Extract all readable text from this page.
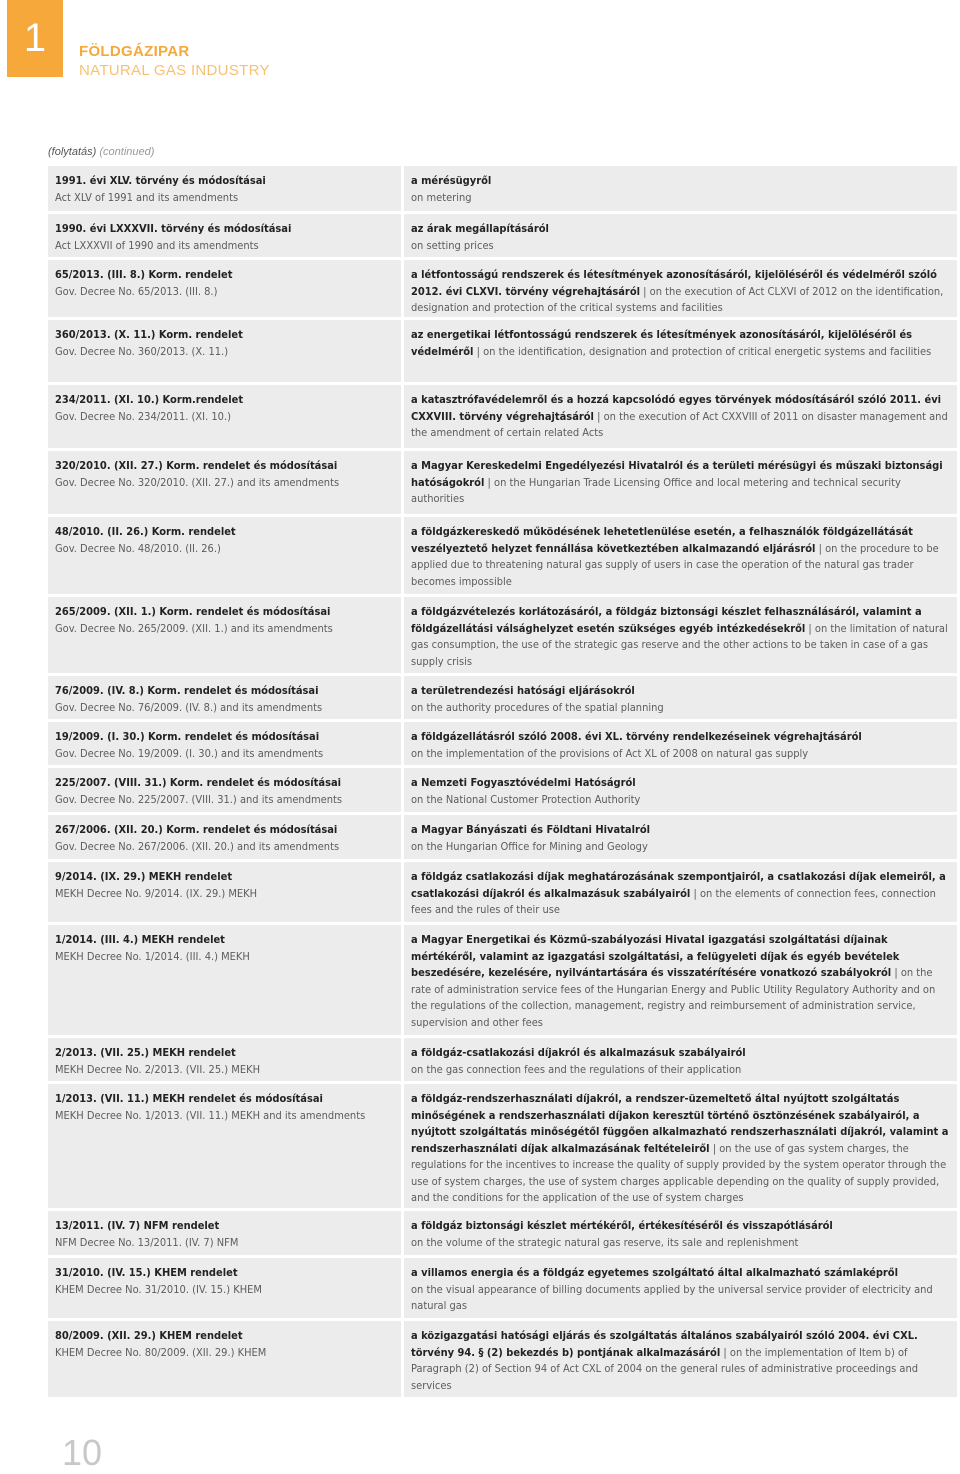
1	FÖLDGÁZIPAR
NATURAL GAS INDUSTRY
(folytatás) (continued)
1991. évi XLV. törvény és módosításai
Act XLV of 1991 and its amendments
a mérésügyről
on metering
1990. évi LXXXVII. törvény és módosításai
Act LXXXVII of 1990 and its amendments
az árak megállapításáról
on setting prices
65/2013. (III. 8.) Korm. rendelet
Gov. Decree No. 65/2013. (III. 8.)
a létfontosságú rendszerek és létesítmények azonosításáról, kijelöléséről és védelméről szóló 2012. évi CLXVI. törvény végrehajtásáról | on the execution of Act CLXVI of 2012 on the identification, designation and protection of the critical systems and facilities
360/2013. (X. 11.) Korm. rendelet
Gov. Decree No. 360/2013. (X. 11.)
az energetikai létfontosságú rendszerek és létesítmények azonosításáról, kijelöléséről és védelméről | on the identification, designation and protection of critical energetic systems and facilities
234/2011. (XI. 10.) Korm.rendelet
Gov. Decree No. 234/2011. (XI. 10.)
a katasztrófavédelemről és a hozzá kapcsolódó egyes törvények módosításáról szóló 2011. évi CXXVIII. törvény végrehajtásáról | on the execution of Act CXXVIII of 2011 on disaster management and the amendment of certain related Acts
320/2010. (XII. 27.) Korm. rendelet és módosításai
Gov. Decree No. 320/2010. (XII. 27.) and its amendments
a Magyar Kereskedelmi Engedélyezési Hivatalról és a területi mérésügyi és műszaki biztonsági hatóságokról | on the Hungarian Trade Licensing Office and local metering and technical security authorities
48/2010. (II. 26.) Korm. rendelet
Gov. Decree No. 48/2010. (II. 26.)
a földgázkereskedő működésének lehetetlenülése esetén, a felhasználók földgázellátását veszélyeztető helyzet fennállása következtében alkalmazandó eljárásról | on the procedure to be applied due to threatening natural gas supply of users in case the operation of the natural gas trader becomes impossible
265/2009. (XII. 1.) Korm. rendelet és módosításai
Gov. Decree No. 265/2009. (XII. 1.) and its amendments
a földgázvételezés korlátozásáról, a földgáz biztonsági készlet felhasználásáról, valamint a földgázellátási válsághelyzet esetén szükséges egyéb intézkedésekről | on the limitation of natural gas consumption, the use of the strategic gas reserve and the other actions to be taken in case of a gas supply crisis
76/2009. (IV. 8.) Korm. rendelet és módosításai
Gov. Decree No. 76/2009. (IV. 8.) and its amendments
a területrendezési hatósági eljárásokról
on the authority procedures of the spatial planning
19/2009. (I. 30.) Korm. rendelet és módosításai
Gov. Decree No. 19/2009. (I. 30.) and its amendments
a földgázellátásról szóló 2008. évi XL. törvény rendelkezéseinek végrehajtásáról
on the implementation of the provisions of Act XL of 2008 on natural gas supply
225/2007. (VIII. 31.) Korm. rendelet és módosításai
Gov. Decree No. 225/2007. (VIII. 31.) and its amendments
a Nemzeti Fogyasztóvédelmi Hatóságról
on the National Customer Protection Authority
267/2006. (XII. 20.) Korm. rendelet és módosításai
Gov. Decree No. 267/2006. (XII. 20.) and its amendments
a Magyar Bányászati és Földtani Hivatalról
on the Hungarian Office for Mining and Geology
9/2014. (IX. 29.) MEKH rendelet
MEKH Decree No. 9/2014. (IX. 29.) MEKH
a földgáz csatlakozási díjak meghatározásának szempontjairól, a csatlakozási díjak elemeiről, a csatlakozási díjakról és alkalmazásuk szabályairól | on the elements of connection fees, connection fees and the rules of their use
1/2014. (III. 4.) MEKH rendelet
MEKH Decree No. 1/2014. (III. 4.) MEKH
a Magyar Energetikai és Közmű-szabályozási Hivatal igazgatási szolgáltatási díjainak mértékéről, valamint az igazgatási szolgáltatási, a felügyeleti díjak és egyéb bevételek beszedésére, kezelésére, nyilvántartására és visszatérítésére vonatkozó szabályokról | on the rate of administration service fees of the Hungarian Energy and Public Utility Regulatory Authority and on the regulations of the collection, management, registry and reimbursement of administration service, supervision and other fees
2/2013. (VII. 25.) MEKH rendelet
MEKH Decree No. 2/2013. (VII. 25.) MEKH
a földgáz-csatlakozási díjakról és alkalmazásuk szabályairól
on the gas connection fees and the regulations of their application
1/2013. (VII. 11.) MEKH rendelet és módosításai
MEKH Decree No. 1/2013. (VII. 11.) MEKH and its amendments
a földgáz-rendszerhasználati díjakról, a rendszer-üzemeltető által nyújtott szolgáltatás minőségének a rendszerhasználati díjakon keresztül történő ösztönzésének szabályairól, a nyújtott szolgáltatás minőségétől függően alkalmazható rendszerhasználati díjakról, valamint a rendszerhasználati díjak alkalmazásának feltételeiről | on the use of gas system charges, the regulations for the incentives to increase the quality of supply provided by the system operator through the use of system charges, the use of system charges applicable depending on the quality of supply provided, and the conditions for the application of the use of system charges
13/2011. (IV. 7) NFM rendelet
NFM Decree No. 13/2011. (IV. 7) NFM
a földgáz biztonsági készlet mértékéről, értékesítéséről és visszapótlásáról
on the volume of the strategic natural gas reserve, its sale and replenishment
31/2010. (IV. 15.) KHEM rendelet
KHEM Decree No. 31/2010. (IV. 15.) KHEM
a villamos energia és a földgáz egyetemes szolgáltató által alkalmazható számlaképről
on the visual appearance of billing documents applied by the universal service provider of electricity and natural gas
80/2009. (XII. 29.) KHEM rendelet
KHEM Decree No. 80/2009. (XII. 29.) KHEM
a közigazgatási hatósági eljárás és szolgáltatás általános szabályairól szóló 2004. évi CXL. törvény 94. § (2) bekezdés b) pontjának alkalmazásáról | on the implementation of Item b) of Paragraph (2) of Section 94 of Act CXL of 2004 on the general rules of administrative proceedings and services
10
